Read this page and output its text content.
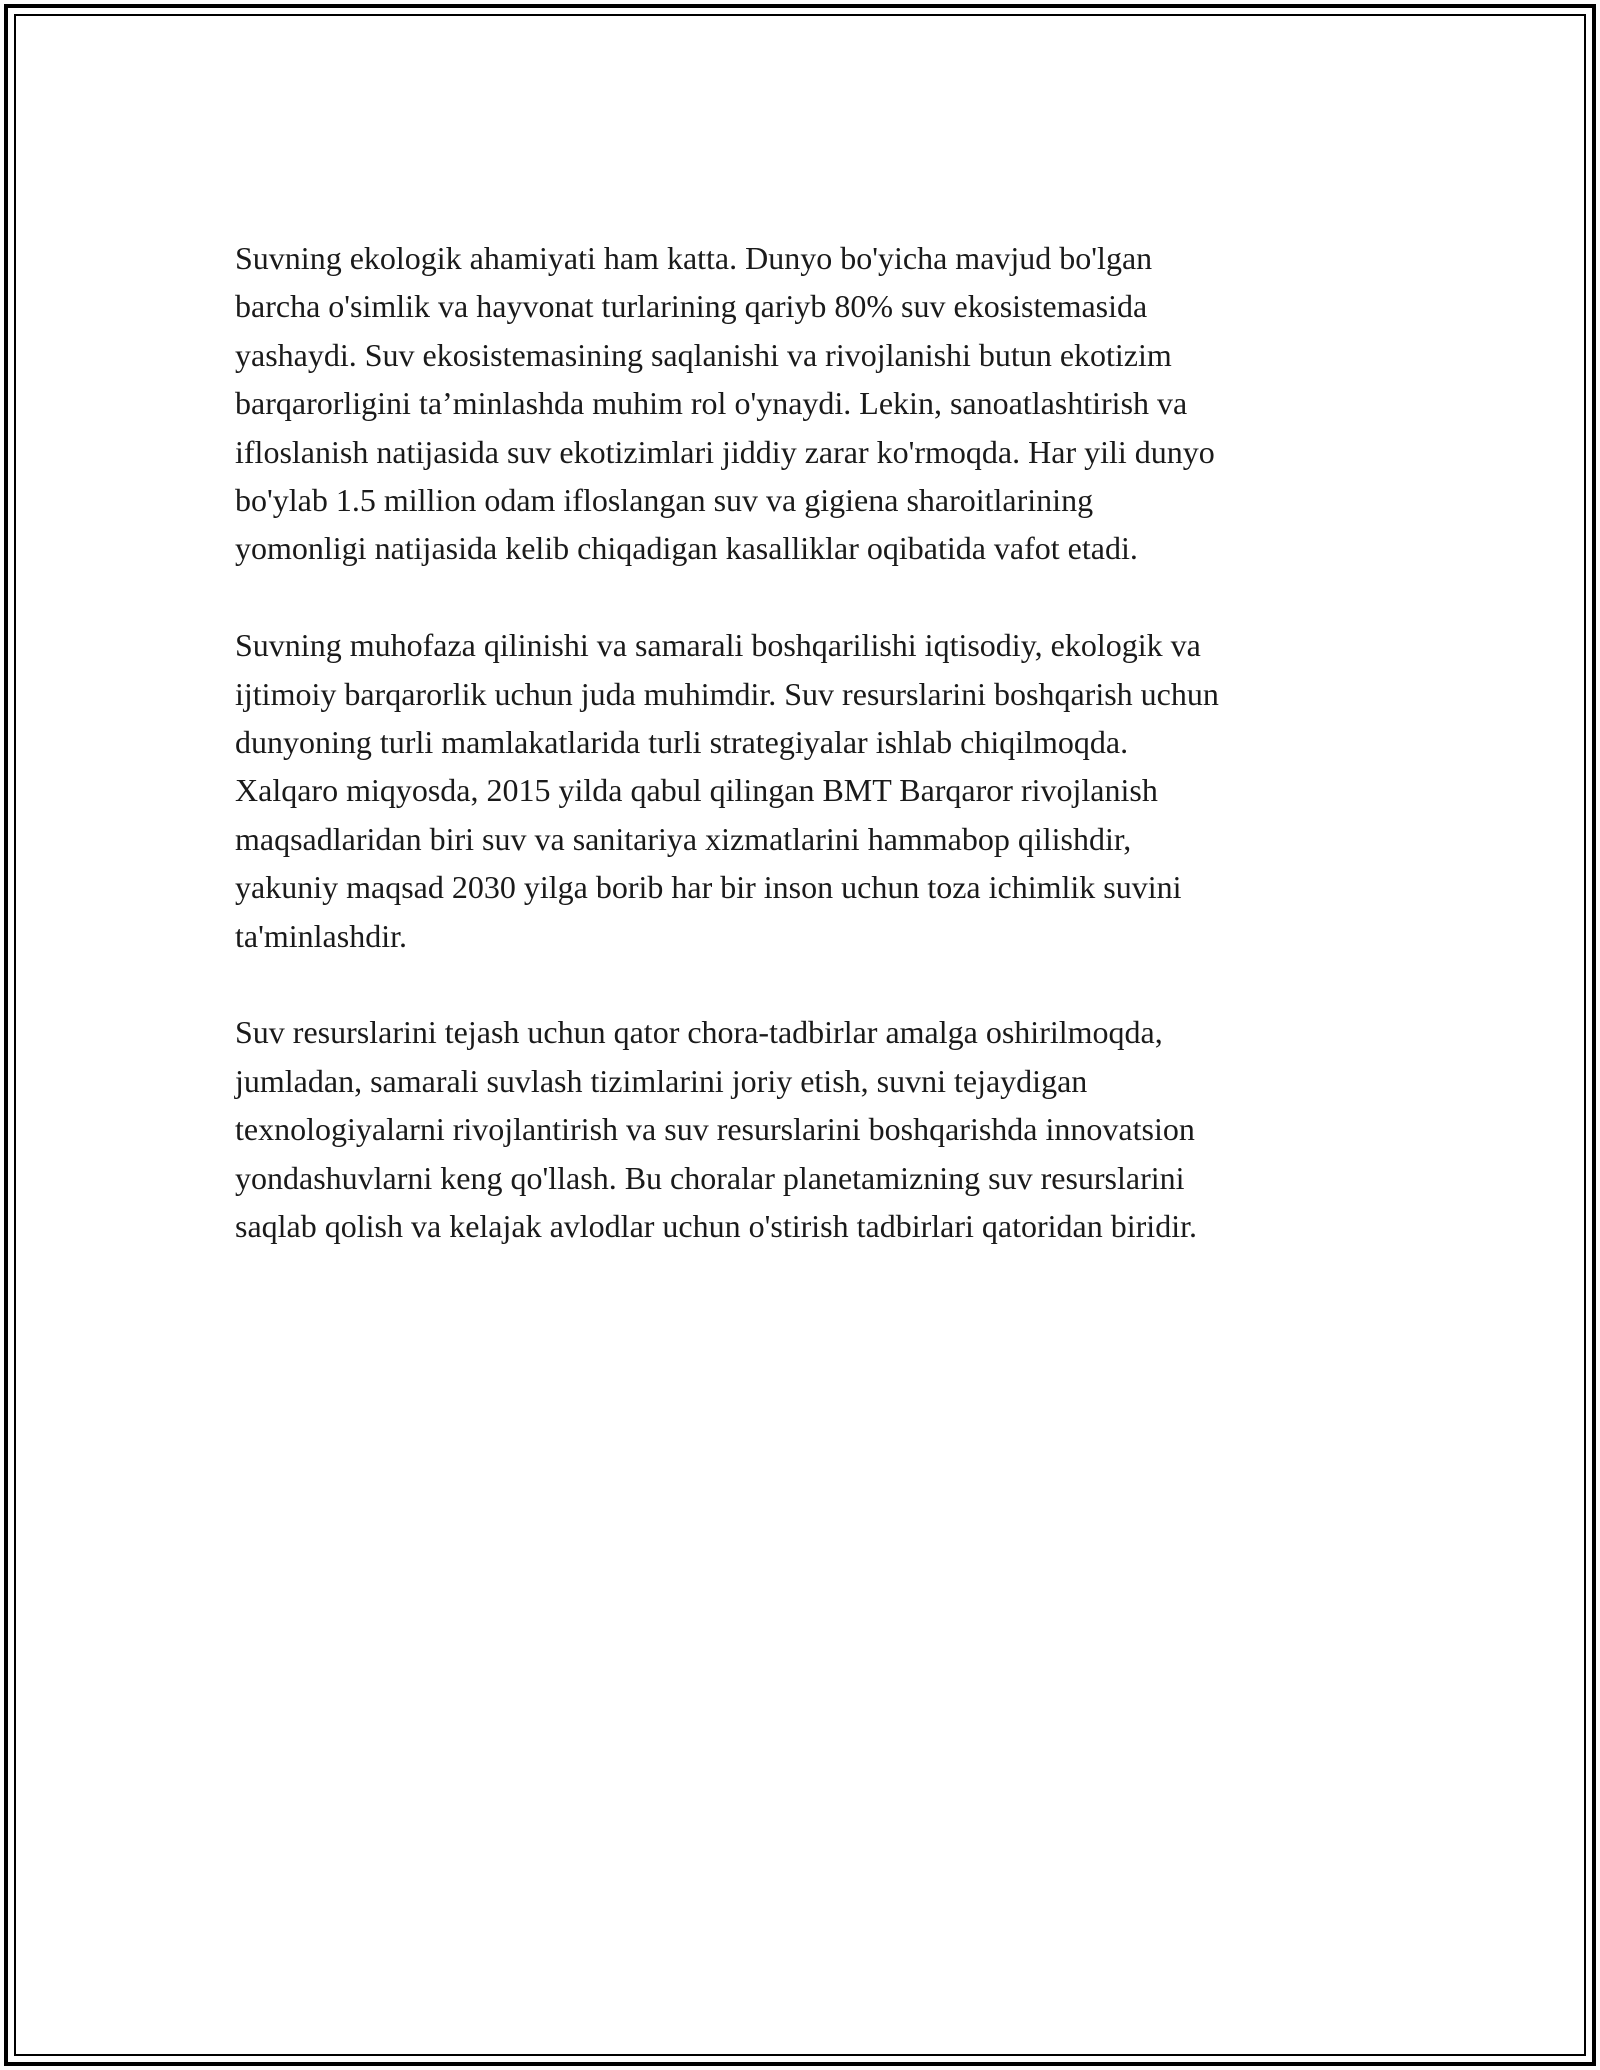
Suvning ekologik ahamiyati ham katta. Dunyo bo'yicha mavjud bo'lgan
barcha o'simlik va hayvonat turlarining qariyb 80% suv ekosistemasida
yashaydi. Suv ekosistemasining saqlanishi va rivojlanishi butun ekotizim
barqarorligini ta’minlashda muhim rol o'ynaydi. Lekin, sanoatlashtirish va
ifloslanish natijasida suv ekotizimlari jiddiy zarar ko'rmoqda. Har yili dunyo
bo'ylab 1.5 million odam ifloslangan suv va gigiena sharoitlarining
yomonligi natijasida kelib chiqadigan kasalliklar oqibatida vafot etadi.

Suvning muhofaza qilinishi va samarali boshqarilishi iqtisodiy, ekologik va
ijtimoiy barqarorlik uchun juda muhimdir. Suv resurslarini boshqarish uchun
dunyoning turli mamlakatlarida turli strategiyalar ishlab chiqilmoqda.
Xalqaro miqyosda, 2015 yilda qabul qilingan BMT Barqaror rivojlanish
maqsadlaridan biri suv va sanitariya xizmatlarini hammabop qilishdir,
yakuniy maqsad 2030 yilga borib har bir inson uchun toza ichimlik suvini
ta'minlashdir.

Suv resurslarini tejash uchun qator chora-tadbirlar amalga oshirilmoqda,
jumladan, samarali suvlash tizimlarini joriy etish, suvni tejaydigan
texnologiyalarni rivojlantirish va suv resurslarini boshqarishda innovatsion
yondashuvlarni keng qo'llash. Bu choralar planetamizning suv resurslarini
saqlab qolish va kelajak avlodlar uchun o'stirish tadbirlari qatoridan biridir.
